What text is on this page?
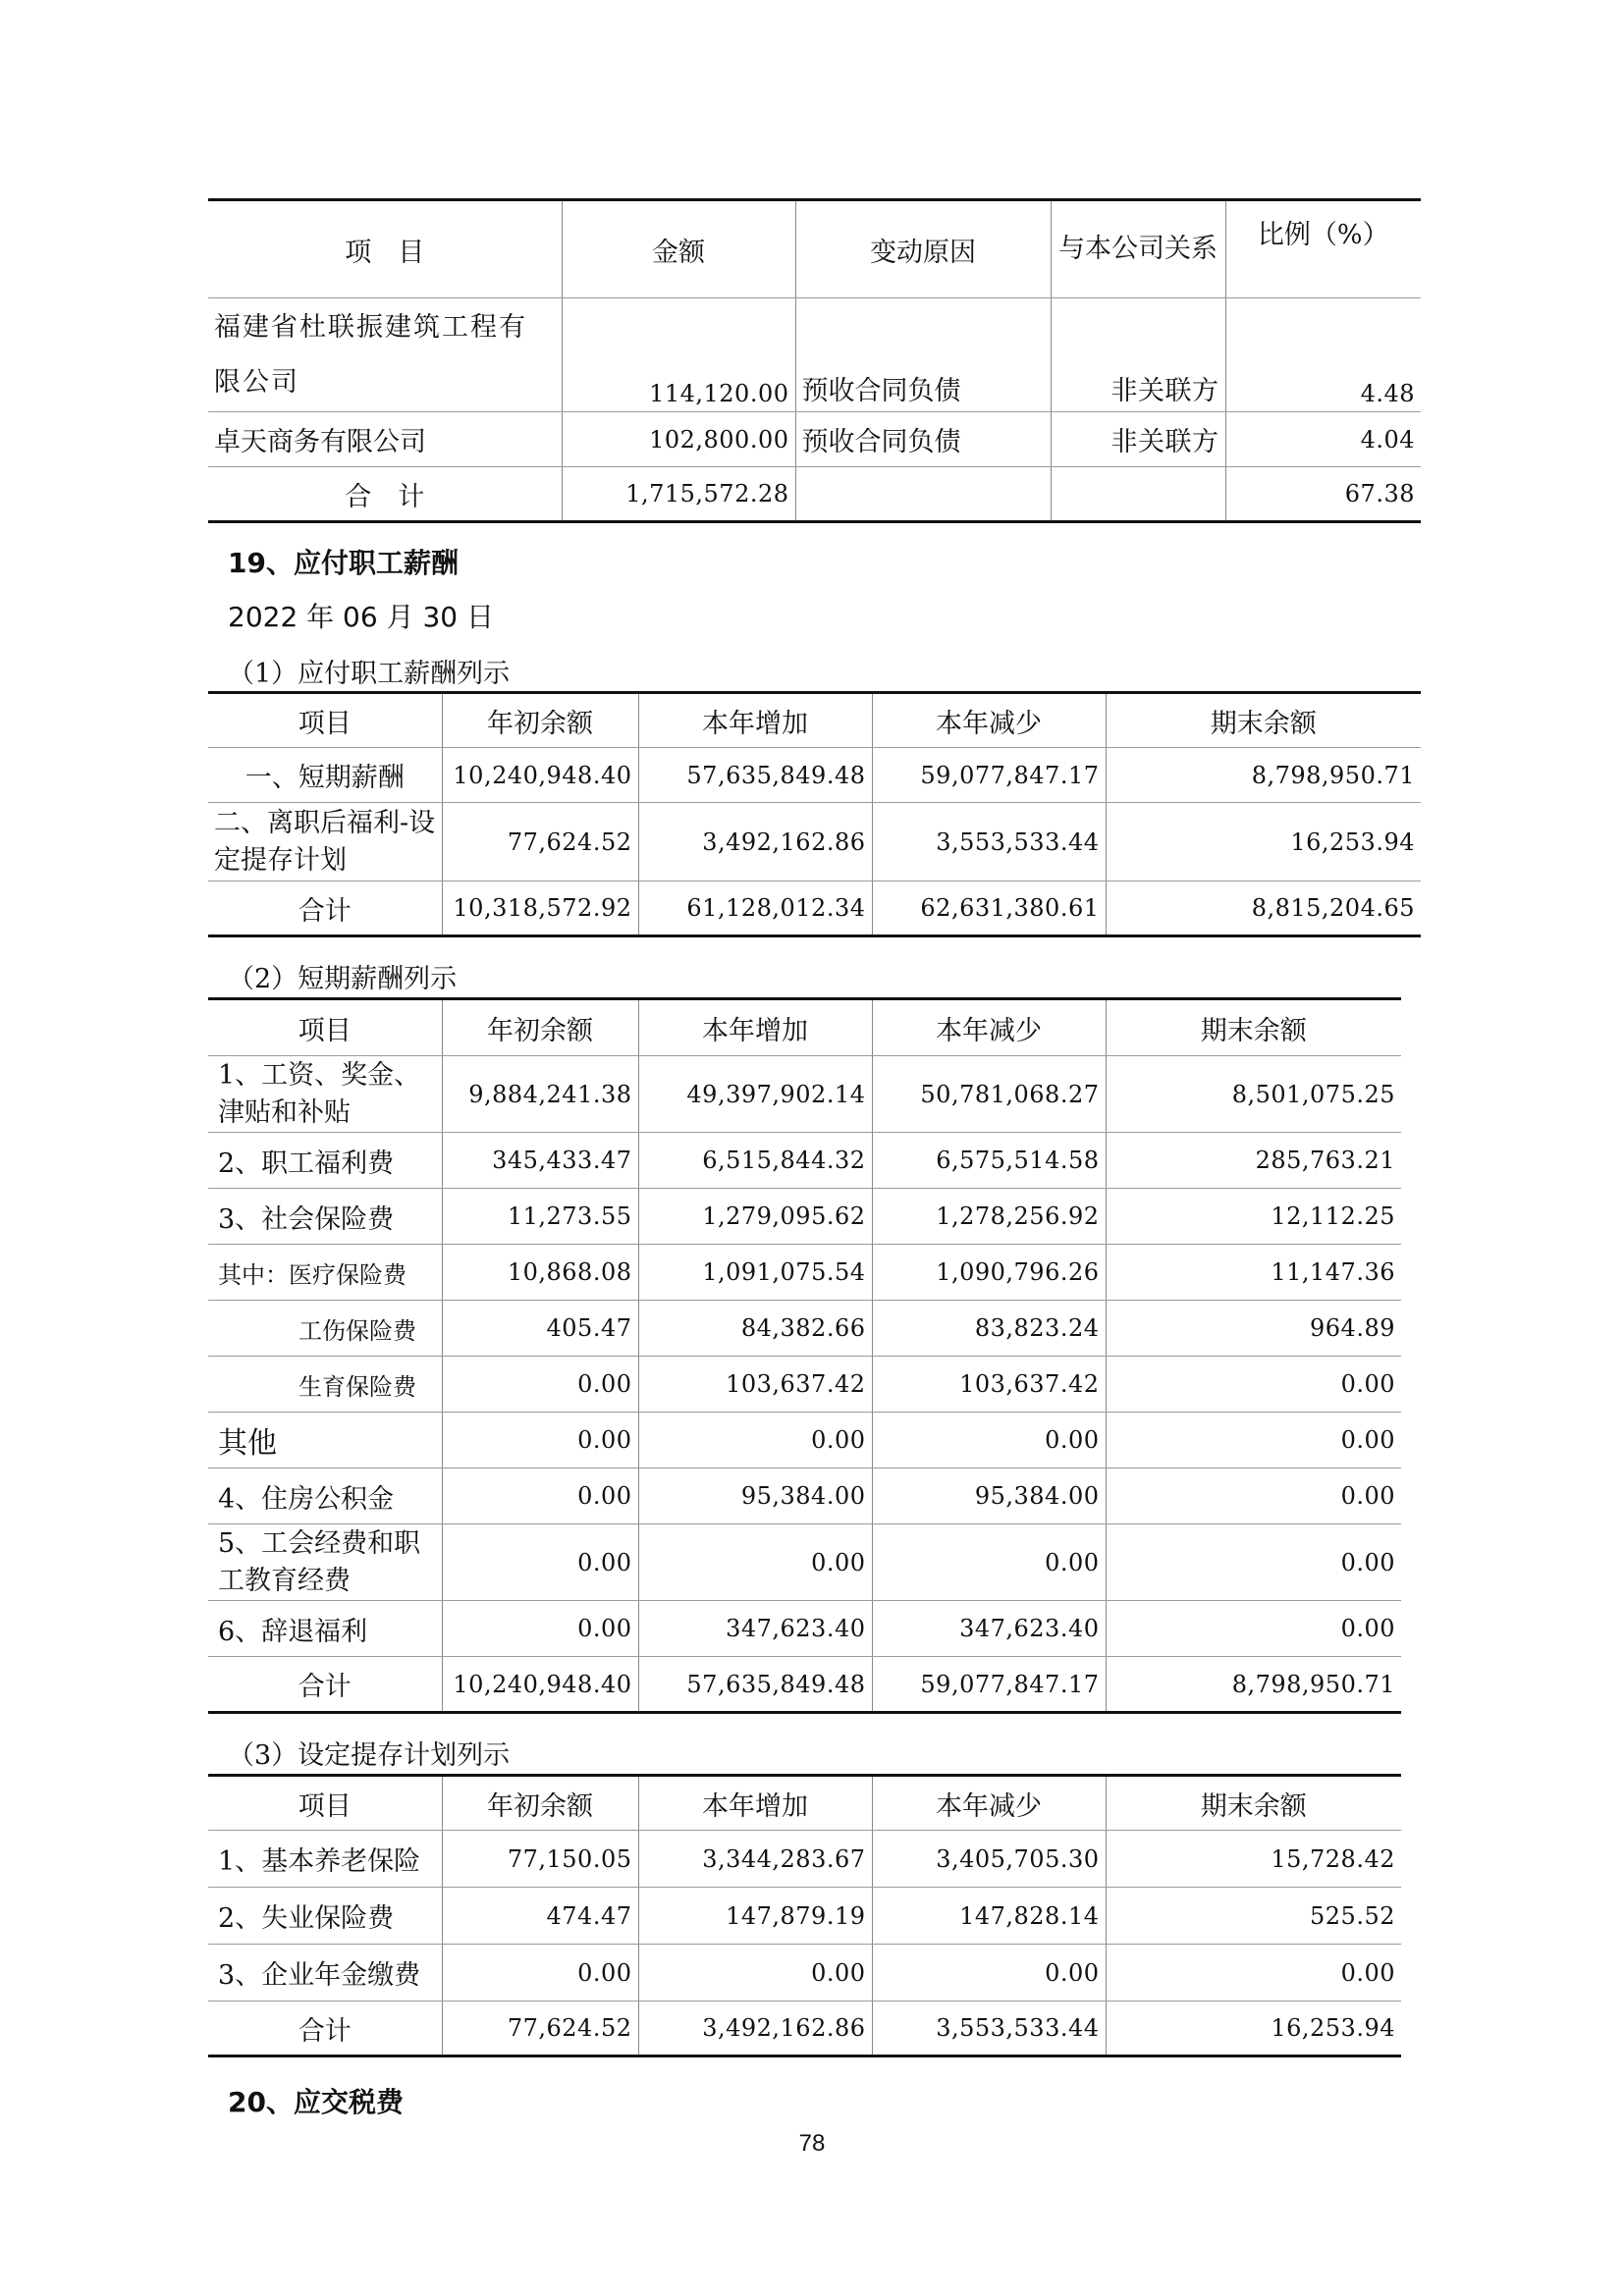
项　目	金额	变动原因	与本公司关系	比例（%）
福建省杜联振建筑工程有限公司	114,120.00	预收合同负债	非关联方	4.48
卓天商务有限公司	102,800.00	预收合同负债	非关联方	4.04
合　计	1,715,572.28			67.38
19、应付职工薪酬
2022 年 06 月 30 日
（1）应付职工薪酬列示
项目	年初余额	本年增加	本年减少	期末余额
一、短期薪酬	10,240,948.40	57,635,849.48	59,077,847.17	8,798,950.71
二、离职后福利-设定提存计划	77,624.52	3,492,162.86	3,553,533.44	16,253.94
合计	10,318,572.92	61,128,012.34	62,631,380.61	8,815,204.65
（2）短期薪酬列示
项目	年初余额	本年增加	本年减少	期末余额
1、工资、奖金、津贴和补贴	9,884,241.38	49,397,902.14	50,781,068.27	8,501,075.25
2、职工福利费	345,433.47	6,515,844.32	6,575,514.58	285,763.21
3、社会保险费	11,273.55	1,279,095.62	1,278,256.92	12,112.25
其中：医疗保险费	10,868.08	1,091,075.54	1,090,796.26	11,147.36
工伤保险费	405.47	84,382.66	83,823.24	964.89
生育保险费	0.00	103,637.42	103,637.42	0.00
其他	0.00	0.00	0.00	0.00
4、住房公积金	0.00	95,384.00	95,384.00	0.00
5、工会经费和职工教育经费	0.00	0.00	0.00	0.00
6、辞退福利	0.00	347,623.40	347,623.40	0.00
合计	10,240,948.40	57,635,849.48	59,077,847.17	8,798,950.71
（3）设定提存计划列示
项目	年初余额	本年增加	本年减少	期末余额
1、基本养老保险	77,150.05	3,344,283.67	3,405,705.30	15,728.42
2、失业保险费	474.47	147,879.19	147,828.14	525.52
3、企业年金缴费	0.00	0.00	0.00	0.00
合计	77,624.52	3,492,162.86	3,553,533.44	16,253.94
20、应交税费
78
